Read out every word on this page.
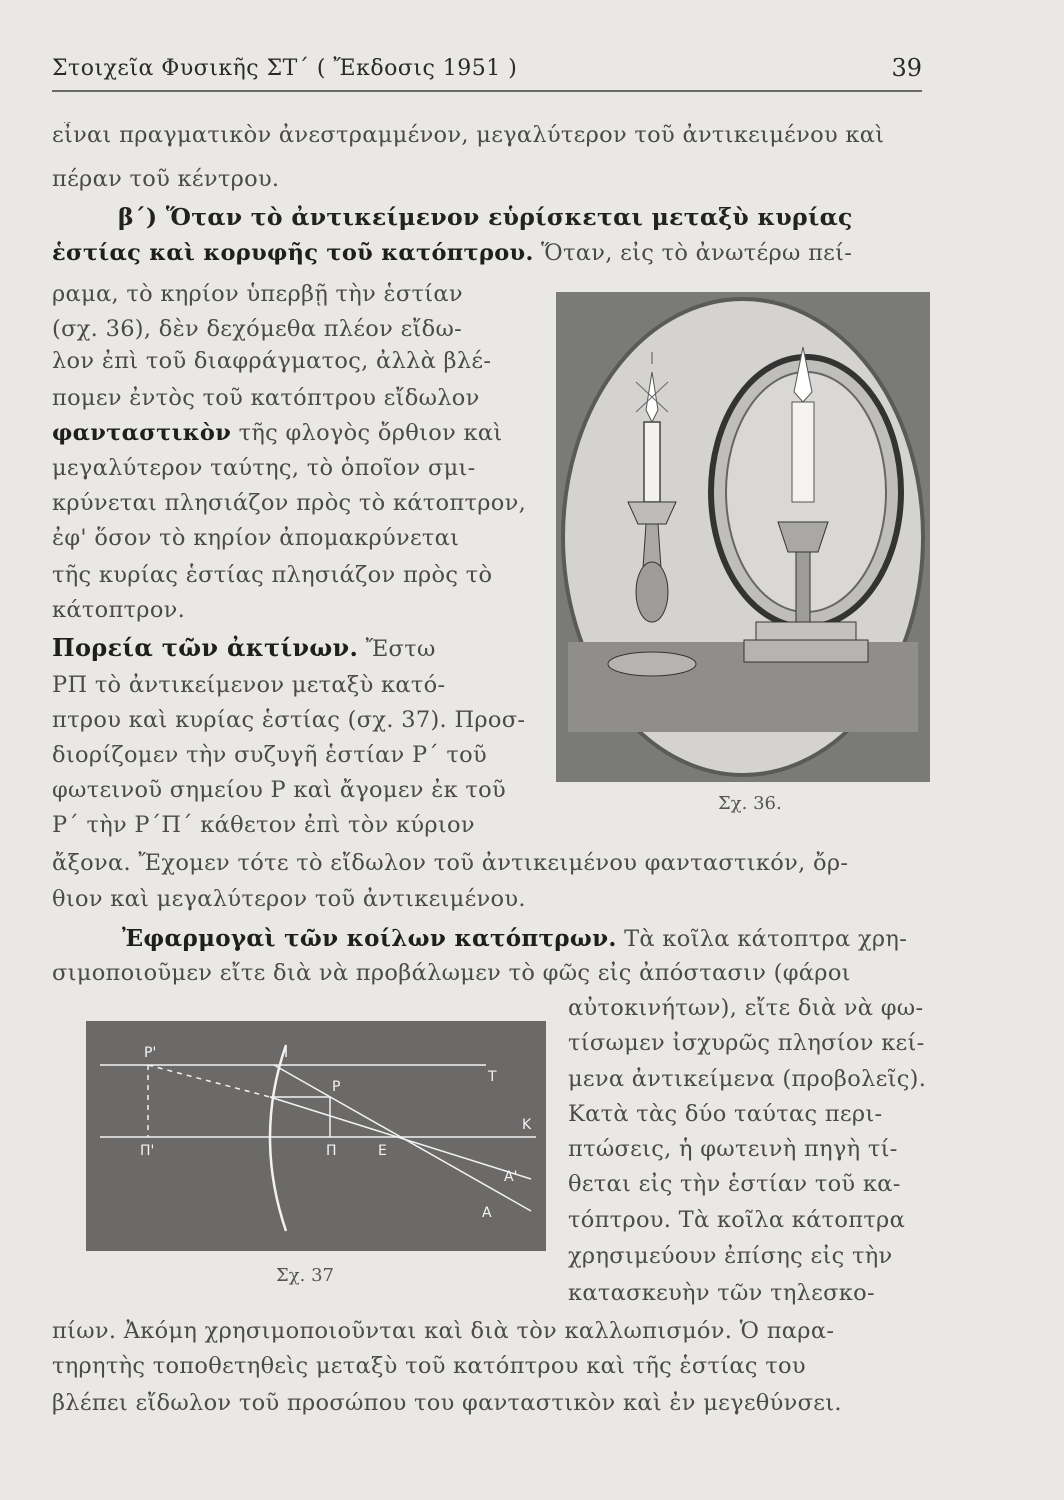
Στοιχεῖα Φυσικῆς ΣΤ΄ ( Ἔκδοσις 1951 )	39
εἶναι πραγματικὸν ἀνεστραμμένον, μεγαλύτερον τοῦ ἀντικειμένου καὶ
πέραν τοῦ κέντρου.
β΄) Ὅταν τὸ ἀντικείμενον εὑρίσκεται μεταξὺ κυρίας
ἑστίας καὶ κορυφῆς τοῦ κατόπτρου. Ὅταν, εἰς τὸ ἀνωτέρω πεί-
ραμα, τὸ κηρίον ὑπερβῇ τὴν ἑστίαν
(σχ. 36), δὲν δεχόμεθα πλέον εἴδω-
λον ἐπὶ τοῦ διαφράγματος, ἀλλὰ βλέ-
πομεν ἐντὸς τοῦ κατόπτρου εἴδωλον
φανταστικὸν τῆς φλογὸς ὄρθιον καὶ
μεγαλύτερον ταύτης, τὸ ὁποῖον σμι-
κρύνεται πλησιάζον πρὸς τὸ κάτοπτρον,
ἐφ' ὅσον τὸ κηρίον ἀπομακρύνεται
τῆς κυρίας ἑστίας πλησιάζον πρὸς τὸ
κάτοπτρον.
Πορεία τῶν ἀκτίνων. Ἔστω
ΡΠ τὸ ἀντικείμενον μεταξὺ κατό-
πτρου καὶ κυρίας ἑστίας (σχ. 37). Προσ-
διορίζομεν τὴν συζυγῆ ἑστίαν Ρ΄ τοῦ
φωτεινοῦ σημείου Ρ καὶ ἄγομεν ἐκ τοῦ
Ρ΄ τὴν Ρ΄Π΄ κάθετον ἐπὶ τὸν κύριον
ἄξονα. Ἔχομεν τότε τὸ εἴδωλον τοῦ ἀντικειμένου φανταστικόν, ὄρ-
θιον καὶ μεγαλύτερον τοῦ ἀντικειμένου.
Ἐφαρμογαὶ τῶν κοίλων κατόπτρων. Τὰ κοῖλα κάτοπτρα χρη-
σιμοποιοῦμεν εἴτε διὰ νὰ προβάλωμεν τὸ φῶς εἰς ἀπόστασιν (φάροι
αὐτοκινήτων), εἴτε διὰ νὰ φω-
τίσωμεν ἰσχυρῶς πλησίον κεί-
μενα ἀντικείμενα (προβολεῖς).
Κατὰ τὰς δύο ταύτας περι-
πτώσεις, ἡ φωτεινὴ πηγὴ τί-
θεται εἰς τὴν ἑστίαν τοῦ κα-
τόπτρου. Τὰ κοῖλα κάτοπτρα
χρησιμεύουν ἐπίσης εἰς τὴν
κατασκευὴν τῶν τηλεσκο-
πίων. Ἀκόμη χρησιμοποιοῦνται καὶ διὰ τὸν καλλωπισμόν. Ὁ παρα-
τηρητὴς τοποθετηθεὶς μεταξὺ τοῦ κατόπτρου καὶ τῆς ἑστίας του
βλέπει εἴδωλον τοῦ προσώπου του φανταστικὸν καὶ ἐν μεγεθύνσει.
Σχ. 36.
P'	I
T
P
Π'	Π	E
K
A'
A
Σχ. 37
